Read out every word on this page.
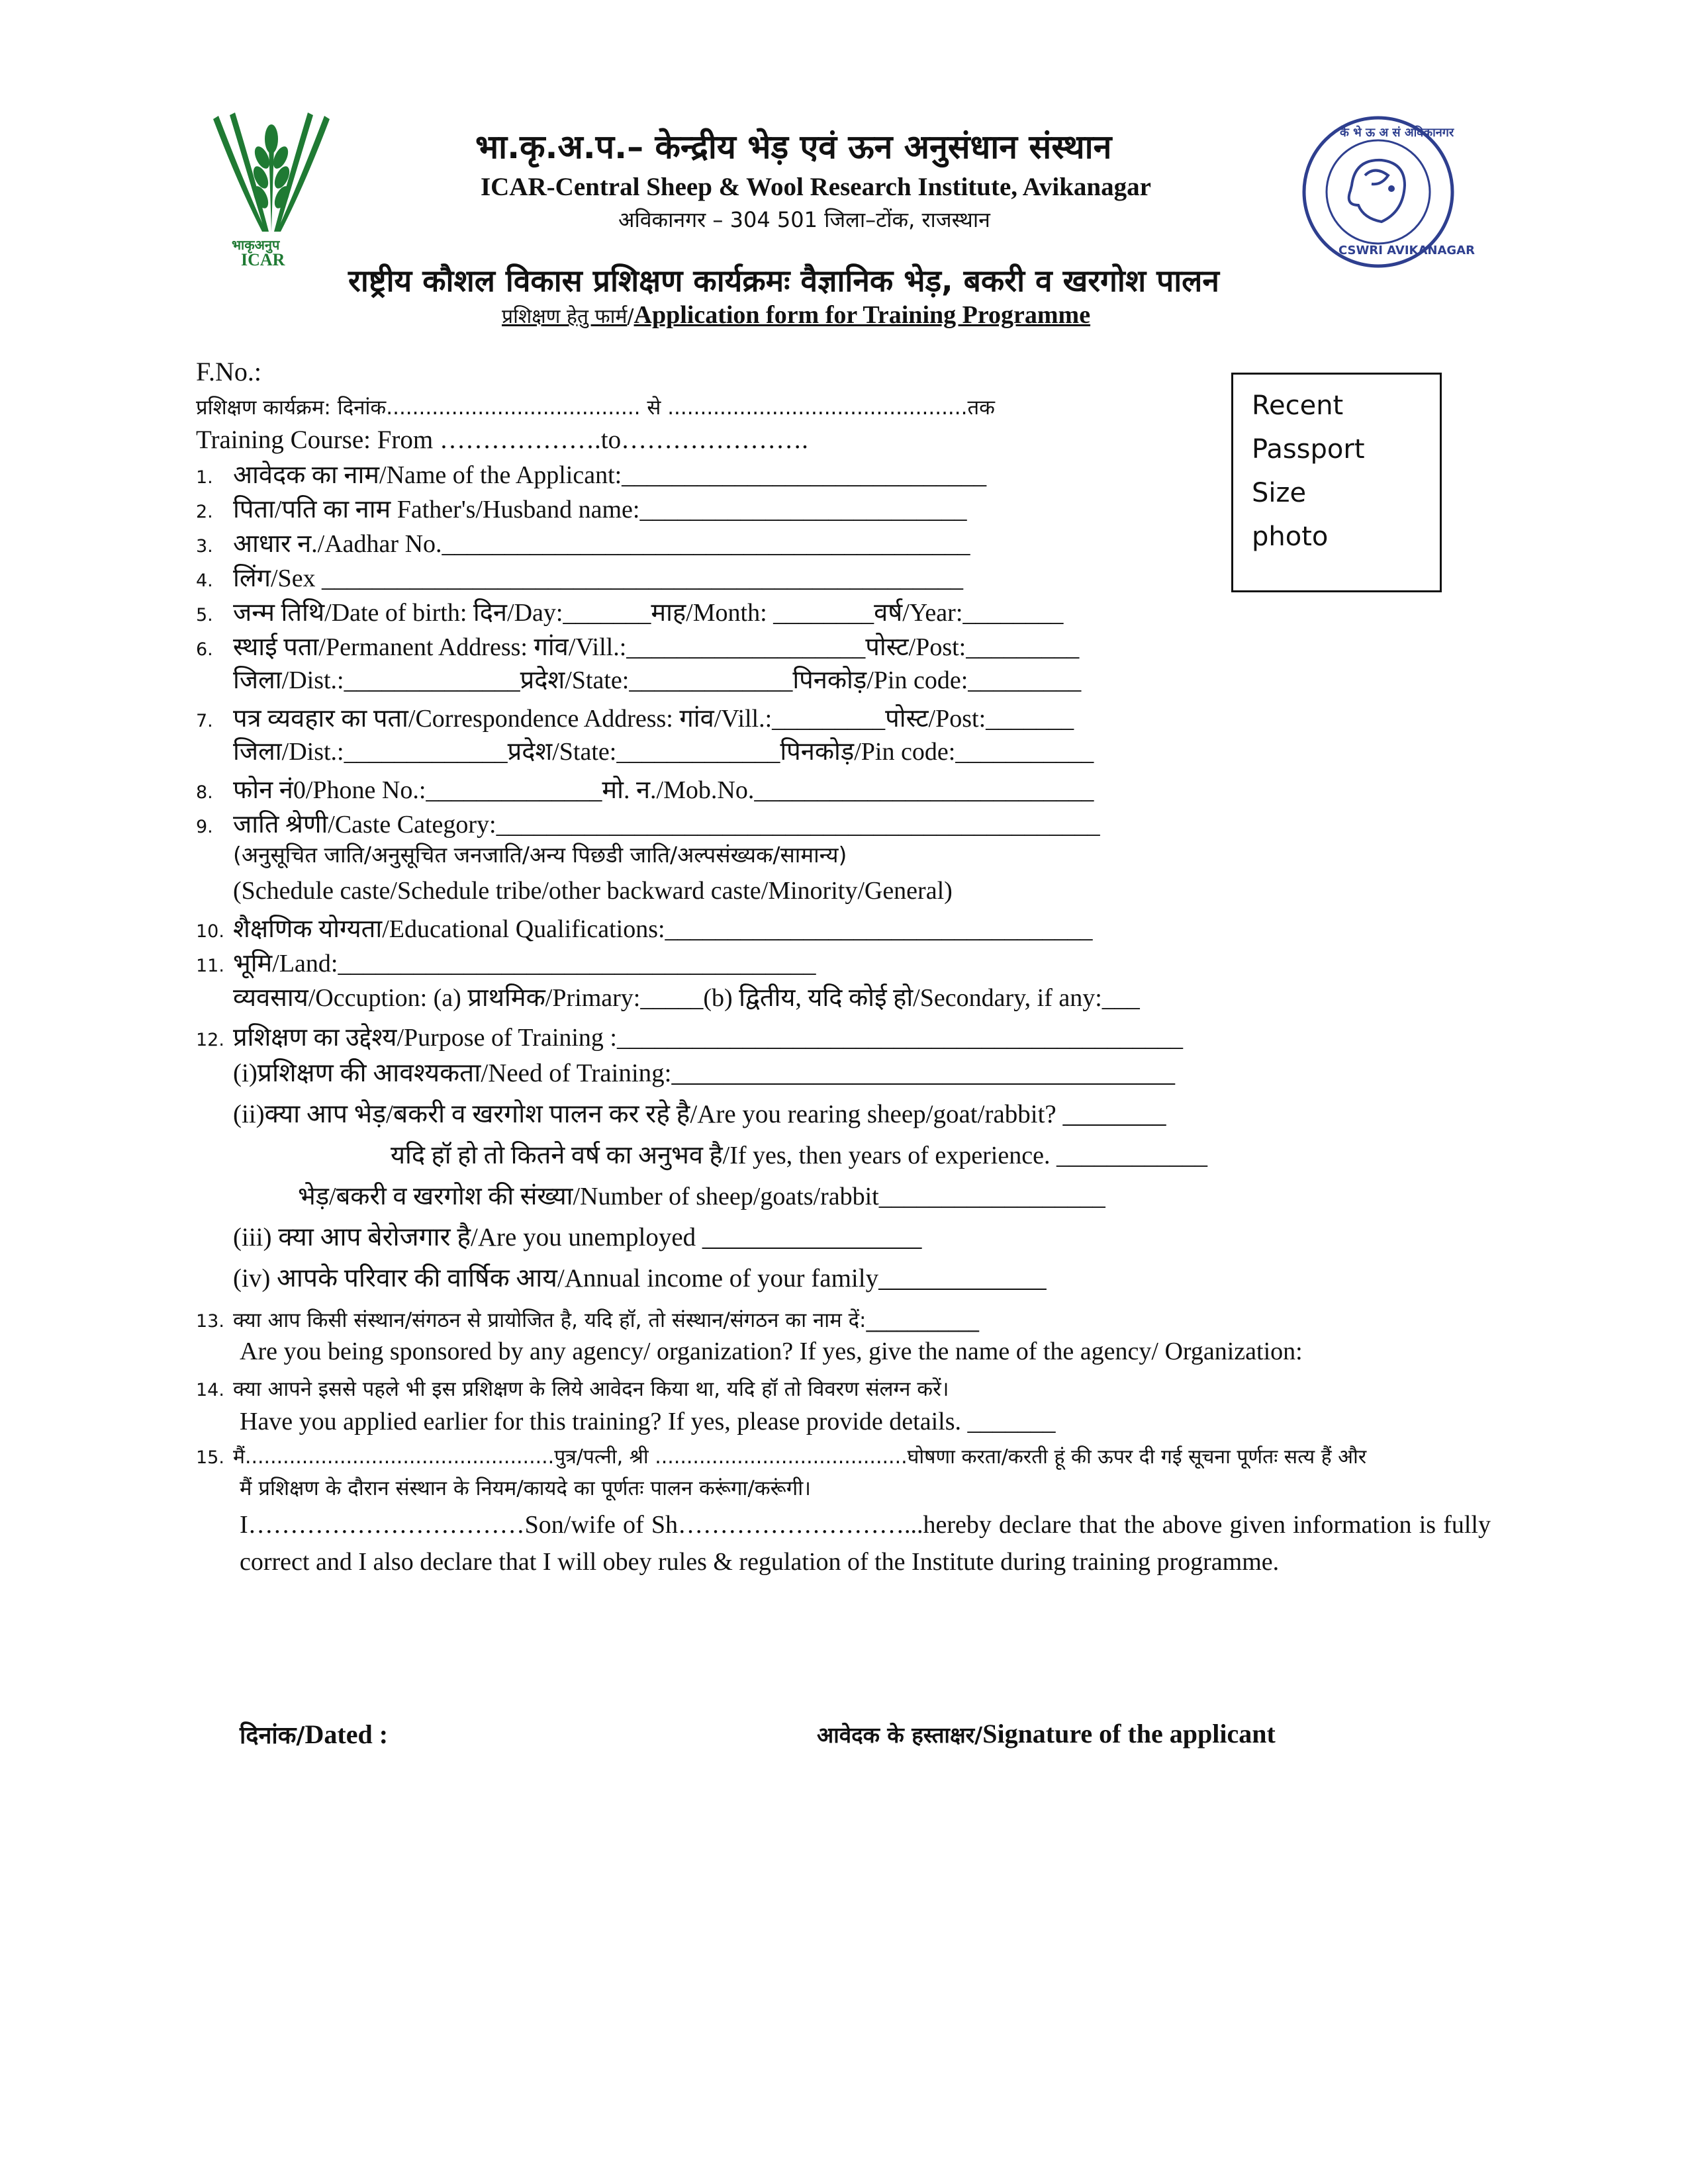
भाकृअनुप
ICAR
के भे ऊ अ सं अविकानगर
CSWRI AVIKANAGAR
भा.कृ.अ.प.– केन्द्रीय भेड़ एवं ऊन अनुसंधान संस्थान
ICAR-Central Sheep & Wool Research Institute, Avikanagar
अविकानगर – 304 501 जिला–टोंक, राजस्थान
राष्ट्रीय कौशल विकास प्रशिक्षण कार्यक्रमः वैज्ञानिक भेड़, बकरी व खरगोश पालन
प्रशिक्षण हेतु फार्म/Application form for Training Programme
Recent
Passport Size
photo
F.No.:
प्रशिक्षण कार्यक्रम: दिनांक....................................... से ..............................................तक
Training Course: From ……………….to………………….
1. आवेदक का नाम/Name of the Applicant:_____________________________
2. पिता/पति का नाम Father's/Husband name:__________________________
3. आधार न./Aadhar No.__________________________________________
4. लिंग/Sex ___________________________________________________
5. जन्म तिथि/Date of birth: दिन/Day:_______माह/Month: ________वर्ष/Year:________
6. स्थाई पता/Permanent Address: गांव/Vill.:___________________पोस्ट/Post:_________
जिला/Dist.:______________प्रदेश/State:_____________पिनकोड़/Pin code:_________
7. पत्र व्यवहार का पता/Correspondence Address: गांव/Vill.:_________पोस्ट/Post:_______
जिला/Dist.:_____________प्रदेश/State:_____________पिनकोड़/Pin code:___________
8. फोन नं0/Phone No.:______________मो. न./Mob.No.___________________________
9. जाति श्रेणी/Caste Category:________________________________________________
(अनुसूचित जाति/अनुसूचित जनजाति/अन्य पिछडी जाति/अल्पसंख्यक/सामान्य)
(Schedule caste/Schedule tribe/other backward caste/Minority/General)
10. शैक्षणिक योग्यता/Educational Qualifications:__________________________________
11. भूमि/Land:______________________________________
व्यवसाय/Occuption: (a) प्राथमिक/Primary:_____(b) द्वितीय, यदि कोई हो/Secondary, if any:___
12. प्रशिक्षण का उद्देश्य/Purpose of Training :_____________________________________________
(i)प्रशिक्षण की आवश्यकता/Need of Training:_______________________________________
(ii)क्या आप भेड़/बकरी व खरगोश पालन कर रहे है/Are you rearing sheep/goat/rabbit? ________
यदि हॉ हो तो कितने वर्ष का अनुभव है/If yes, then years of experience. ____________
भेड़/बकरी व खरगोश की संख्या/Number of sheep/goats/rabbit__________________
(iii) क्या आप बेरोजगार है/Are you unemployed _________________
(iv) आपके परिवार की वार्षिक आय/Annual income of your family_____________
13. क्या आप किसी संस्थान/संगठन से प्रायोजित है, यदि हॉ, तो संस्थान/संगठन का नाम दें:___________
Are you being sponsored by any agency/ organization? If yes, give the name of the agency/ Organization:
14. क्या आपने इससे पहले भी इस प्रशिक्षण के लिये आवेदन किया था, यदि हॉ तो विवरण संलग्न करें।
Have you applied earlier for this training? If yes, please provide details. _______
15. मैं.................................................पुत्र/पत्नी, श्री ........................................घोषणा करता/करती हूं की ऊपर दी गई सूचना पूर्णतः सत्य हैं और
मैं प्रशिक्षण के दौरान संस्थान के नियम/कायदे का पूर्णतः पालन करूंगा/करूंगी।
I……………………………Son/wife of Sh………………………...hereby declare that the above given information is fully correct and I also declare that I will obey rules & regulation of the Institute during training programme.
दिनांक/Dated :	आवेदक के हस्ताक्षर/Signature of the applicant
